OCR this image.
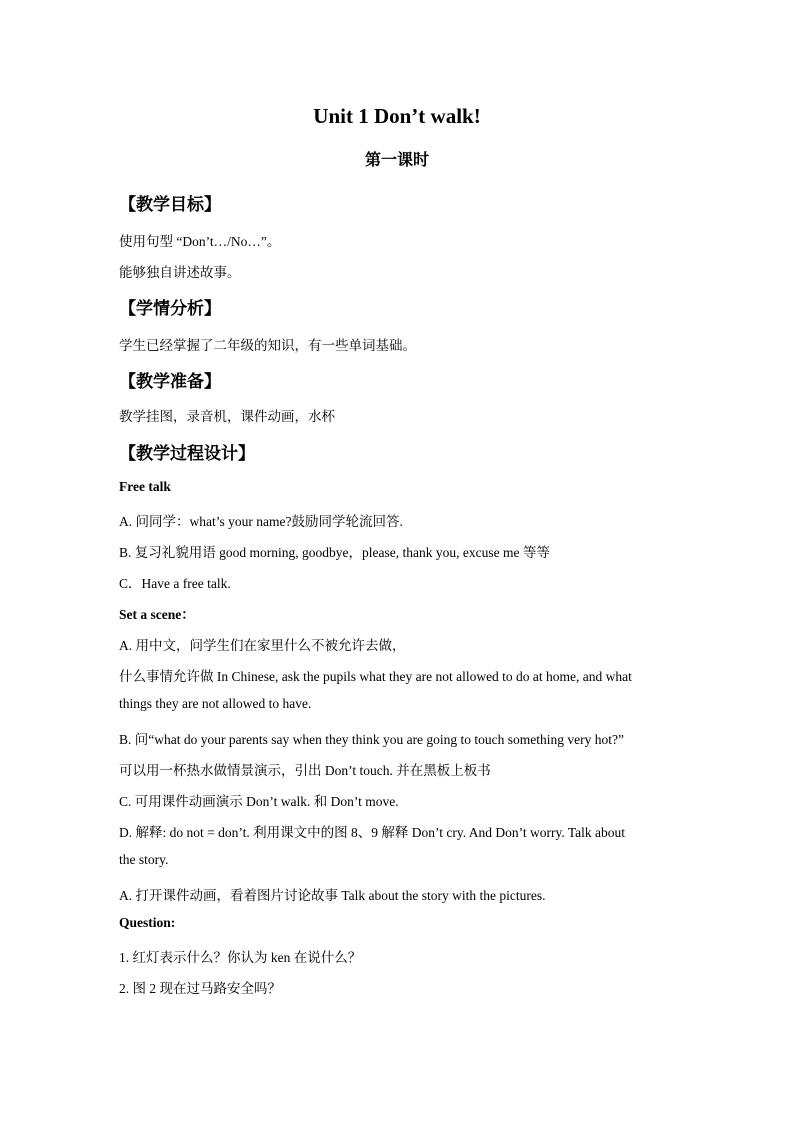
Unit 1 Don’t walk!
第一课时
【教学目标】
使用句型 “Don’t…/No…”。
能够独自讲述故事。
【学情分析】
学生已经掌握了二年级的知识，有一些单词基础。
【教学准备】
教学挂图，录音机，课件动画，水杯
【教学过程设计】
Free talk
A. 问同学：what’s your name?鼓励同学轮流回答.
B. 复习礼貌用语 good morning, goodbye，please, thank you, excuse me 等等
C．Have a free talk.
Set a scene：
A. 用中文，问学生们在家里什么不被允许去做，
什么事情允许做 In Chinese, ask the pupils what they are not allowed to do at home, and what
things they are not allowed to have.
B. 问“what do your parents say when they think you are going to touch something very hot?”
可以用一杯热水做情景演示，引出 Don’t touch. 并在黑板上板书
C. 可用课件动画演示 Don’t walk. 和 Don’t move.
D. 解释: do not = don’t. 利用课文中的图 8、9 解释 Don’t cry. And Don’t worry. Talk about
the story.
A. 打开课件动画，看着图片讨论故事 Talk about the story with the pictures.
Question:
1. 红灯表示什么？你认为 ken 在说什么？
2. 图 2 现在过马路安全吗？
